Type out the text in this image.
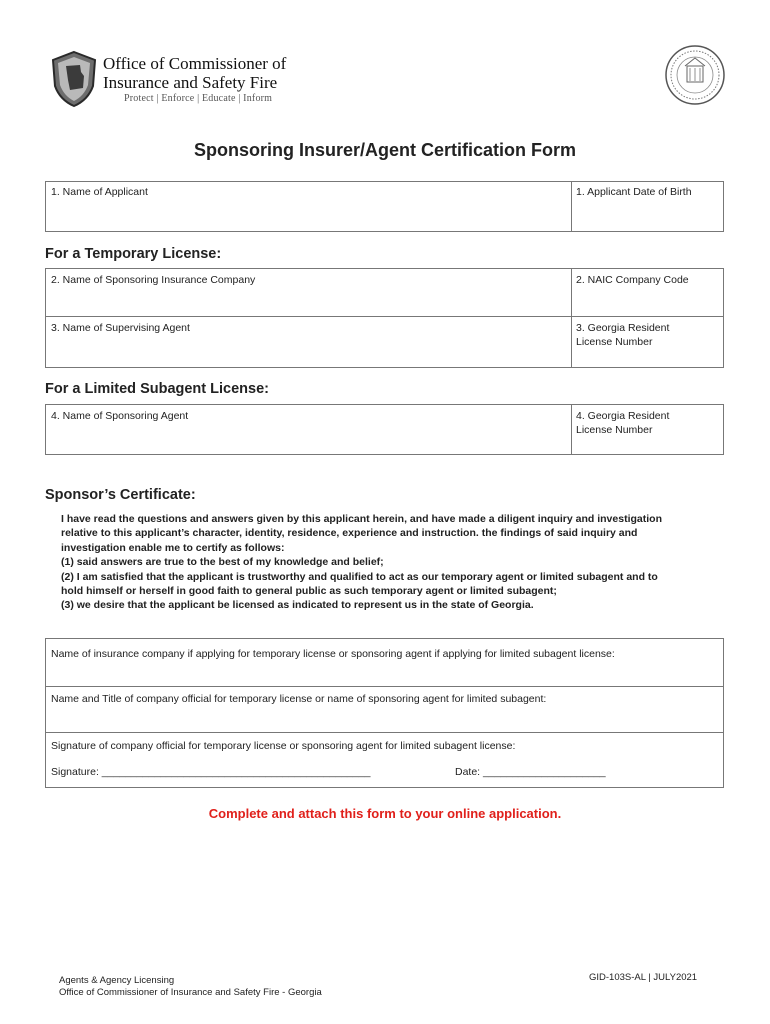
Office of Commissioner of
Insurance and Safety Fire
Protect | Enforce | Educate | Inform
Sponsoring Insurer/Agent Certification Form
1. Name of Applicant	1. Applicant Date of Birth
For a Temporary License:
2. Name of Sponsoring Insurance Company	2. NAIC Company Code
3. Name of Supervising Agent	3. Georgia Resident
License Number
For a Limited Subagent License:
4. Name of Sponsoring Agent	4. Georgia Resident
License Number
Sponsor’s Certificate:
I have read the questions and answers given by this applicant herein, and have made a diligent inquiry and investigation
relative to this applicant’s character, identity, residence, experience and instruction. the findings of said inquiry and
investigation enable me to certify as follows:
(1) said answers are true to the best of my knowledge and belief;
(2) I am satisfied that the applicant is trustworthy and qualified to act as our temporary agent or limited subagent and to
hold himself or herself in good faith to general public as such temporary agent or limited subagent;
(3) we desire that the applicant be licensed as indicated to represent us in the state of Georgia.
Name of insurance company if applying for temporary license or sponsoring agent if applying for limited subagent license:
Name and Title of company official for temporary license or name of sponsoring agent for limited subagent:
Signature of company official for temporary license or sponsoring agent for limited subagent license:
Signature: ______________________________________________	Date: _____________________
Complete and attach this form to your online application.
Agents & Agency Licensing
Office of Commissioner of Insurance and Safety Fire - Georgia
GID-103S-AL | JULY2021
